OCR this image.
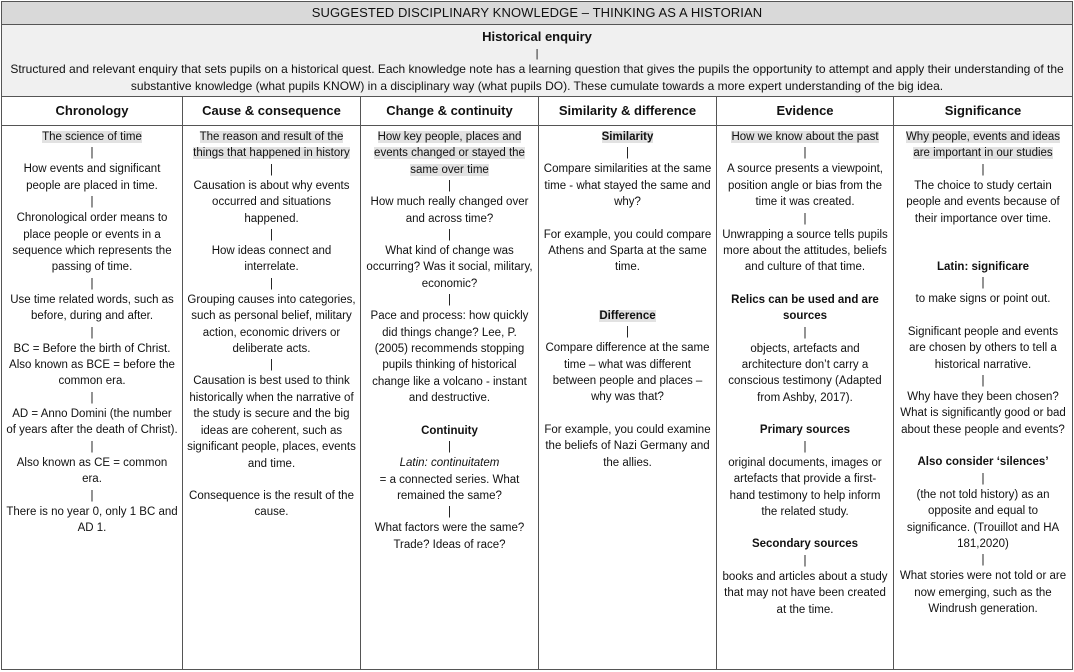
SUGGESTED DISCIPLINARY KNOWLEDGE – THINKING AS A HISTORIAN
Historical enquiry
|
Structured and relevant enquiry that sets pupils on a historical quest. Each knowledge note has a learning question that gives the pupils the opportunity to attempt and apply their understanding of the substantive knowledge (what pupils KNOW) in a disciplinary way (what pupils DO). These cumulate towards a more expert understanding of the big idea.
Chronology

The science of time

|

How events and significant people are placed in time.

|

Chronological order means to place people or events in a sequence which represents the passing of time.

|

Use time related words, such as before, during and after.

|

BC = Before the birth of Christ. Also known as BCE = before the common era.

|

AD = Anno Domini (the number of years after the death of Christ).

|

Also known as CE = common era.

|

There is no year 0, only 1 BC and AD 1.

Cause & consequence

The reason and result of the things that happened in history

|

Causation is about why events occurred and situations happened.

|

How ideas connect and interrelate.

|

Grouping causes into categories, such as personal belief, military action, economic drivers or deliberate acts.

|

Causation is best used to think historically when the narrative of the study is secure and the big ideas are coherent, such as significant people, places, events and time.

Consequence is the result of the cause.

Change & continuity

How key people, places and events changed or stayed the same over time

|

How much really changed over and across time?

|

What kind of change was occurring? Was it social, military, economic?

|

Pace and process: how quickly did things change? Lee, P. (2005) recommends stopping pupils thinking of historical change like a volcano - instant and destructive.

Continuity

|

Latin: continuitatem

= a connected series. What remained the same?

|

What factors were the same? Trade? Ideas of race?

Similarity & difference

Similarity

|

Compare similarities at the same time - what stayed the same and why?

For example, you could compare Athens and Sparta at the same time.

Difference

|

Compare difference at the same time – what was different between people and places – why was that?

For example, you could examine the beliefs of Nazi Germany and the allies.

Evidence

How we know about the past

|

A source presents a viewpoint, position angle or bias from the time it was created.

|

Unwrapping a source tells pupils more about the attitudes, beliefs and culture of that time.

Relics can be used and are sources

|

objects, artefacts and architecture don’t carry a conscious testimony (Adapted from Ashby, 2017).

Primary sources

|

original documents, images or artefacts that provide a first-hand testimony to help inform the related study.

Secondary sources

|

books and articles about a study that may not have been created at the time.

Significance

Why people, events and ideas are important in our studies

|

The choice to study certain people and events because of their importance over time.

Latin: significare

|

to make signs or point out.

Significant people and events are chosen by others to tell a historical narrative.

|

Why have they been chosen? What is significantly good or bad about these people and events?

Also consider ‘silences’

|

(the not told history) as an opposite and equal to significance. (Trouillot and HA 181,2020)

|

What stories were not told or are now emerging, such as the Windrush generation.
